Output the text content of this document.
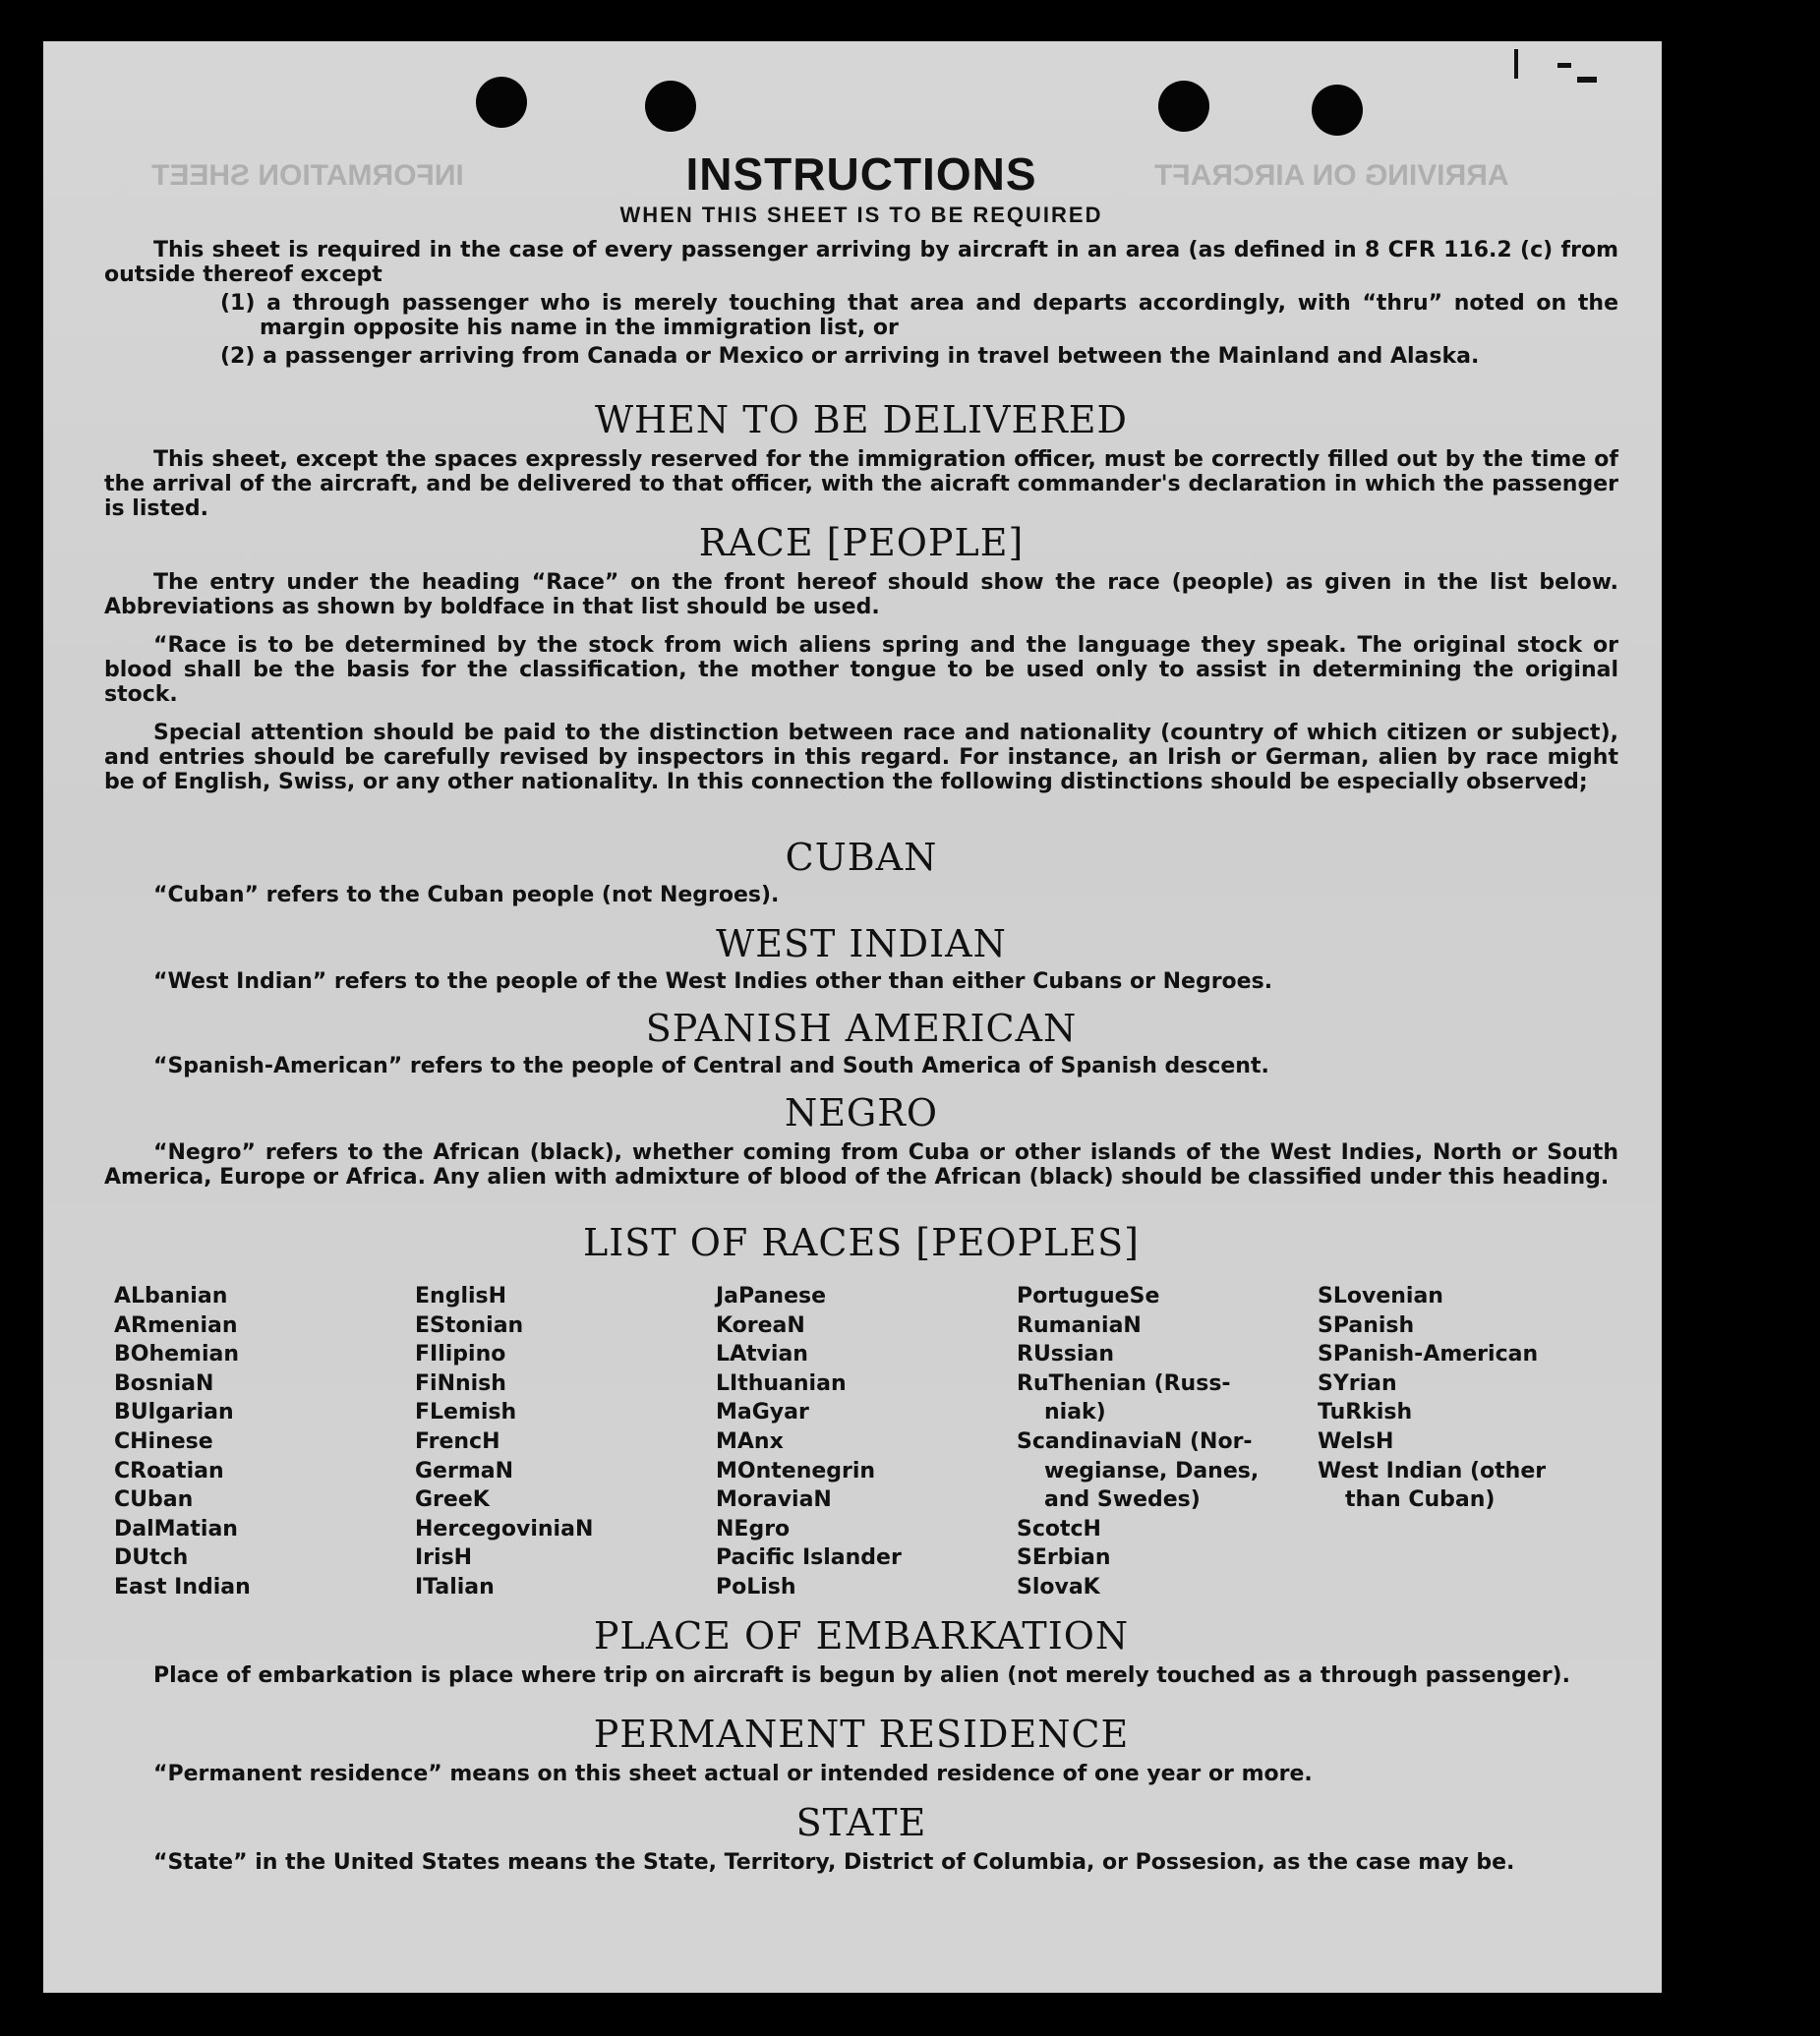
INFORMATION SHEET	ARRIVING ON AIRCRAFT
INSTRUCTIONS
WHEN THIS SHEET IS TO BE REQUIRED

This sheet is required in the case of every passenger arriving by aircraft in an area (as defined in 8 CFR 116.2 (c) from outside thereof except

(1) a through passenger who is merely touching that area and departs accordingly, with “thru” noted on the margin opposite his name in the immigration list, or

(2) a passenger arriving from Canada or Mexico or arriving in travel between the Mainland and Alaska.

WHEN TO BE DELIVERED

This sheet, except the spaces expressly reserved for the immigration officer, must be correctly filled out by the time of the arrival of the aircraft, and be delivered to that officer, with the aicraft commander's declaration in which the passenger is listed.

RACE [PEOPLE]

The entry under the heading “Race” on the front hereof should show the race (people) as given in the list below. Abbreviations as shown by boldface in that list should be used.

“Race is to be determined by the stock from wich aliens spring and the language they speak. The original stock or blood shall be the basis for the classification, the mother tongue to be used only to assist in determining the original stock.

Special attention should be paid to the distinction between race and nationality (country of which citizen or subject), and entries should be carefully revised by inspectors in this regard. For instance, an Irish or German, alien by race might be of English, Swiss, or any other nationality. In this connection the following distinctions should be especially observed;

CUBAN

“Cuban” refers to the Cuban people (not Negroes).

WEST INDIAN

“West Indian” refers to the people of the West Indies other than either Cubans or Negroes.

SPANISH AMERICAN

“Spanish-American” refers to the people of Central and South America of Spanish descent.

NEGRO

“Negro” refers to the African (black), whether coming from Cuba or other islands of the West Indies, North or South America, Europe or Africa. Any alien with admixture of blood of the African (black) should be classified under this heading.

LIST OF RACES [PEOPLES]
ALbanian
ARmenian
BOhemian
BosniaN
BUlgarian
CHinese
CRoatian
CUban
DalMatian
DUtch
East Indian
EnglisH
EStonian
FIlipino
FiNnish
FLemish
FrencH
GermaN
GreeK
HercegoviniaN
IrisH
ITalian
JaPanese
KoreaN
LAtvian
LIthuanian
MaGyar
MAnx
MOntenegrin
MoraviaN
NEgro
Pacific Islander
PoLish
PortugueSe
RumaniaN
RUssian
RuThenian (Russ-
niak)
ScandinaviaN (Nor-
wegianse, Danes,
and Swedes)
ScotcH
SErbian
SlovaK
SLovenian
SPanish
SPanish-American
SYrian
TuRkish
WelsH
West Indian (other
than Cuban)
PLACE OF EMBARKATION

Place of embarkation is place where trip on aircraft is begun by alien (not merely touched as a through passenger).

PERMANENT RESIDENCE

“Permanent residence” means on this sheet actual or intended residence of one year or more.

STATE

“State” in the United States means the State, Territory, District of Columbia, or Possesion, as the case may be.
